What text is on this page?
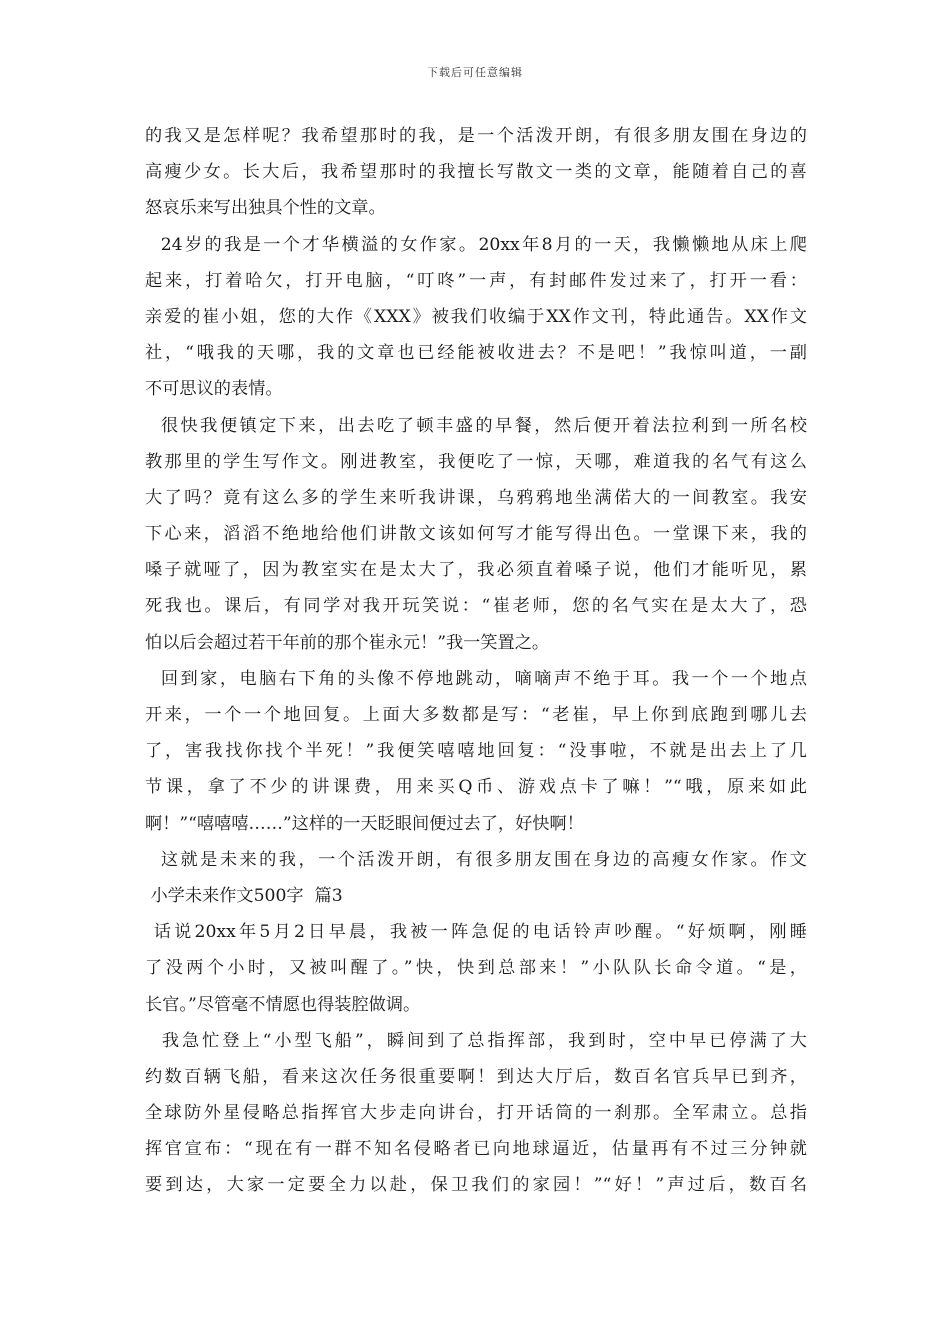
下载后可任意编辑
的我又是怎样呢？我希望那时的我，是一个活泼开朗，有很多朋友围在身边的
高瘦少女。长大后，我希望那时的我擅长写散文一类的文章，能随着自己的喜
怒哀乐来写出独具个性的文章。
24岁的我是一个才华横溢的女作家。20xx年8月的一天，我懒懒地从床上爬
起来，打着哈欠，打开电脑，“叮咚”一声，有封邮件发过来了，打开一看：
亲爱的崔小姐，您的大作《XXX》被我们收编于XX作文刊，特此通告。XX作文
社，“哦我的天哪，我的文章也已经能被收进去？不是吧！”我惊叫道，一副
不可思议的表情。
很快我便镇定下来，出去吃了顿丰盛的早餐，然后便开着法拉利到一所名校
教那里的学生写作文。刚进教室，我便吃了一惊，天哪，难道我的名气有这么
大了吗？竟有这么多的学生来听我讲课，乌鸦鸦地坐满偌大的一间教室。我安
下心来，滔滔不绝地给他们讲散文该如何写才能写得出色。一堂课下来，我的
嗓子就哑了，因为教室实在是太大了，我必须直着嗓子说，他们才能听见，累
死我也。课后，有同学对我开玩笑说：“崔老师，您的名气实在是太大了，恐
怕以后会超过若干年前的那个崔永元！”我一笑置之。
回到家，电脑右下角的头像不停地跳动，嘀嘀声不绝于耳。我一个一个地点
开来，一个一个地回复。上面大多数都是写：“老崔，早上你到底跑到哪儿去
了，害我找你找个半死！”我便笑嘻嘻地回复：“没事啦，不就是出去上了几
节课，拿了不少的讲课费，用来买Q币、游戏点卡了嘛！”“哦，原来如此
啊！”“嘻嘻嘻……”这样的一天眨眼间便过去了，好快啊！
这就是未来的我，一个活泼开朗，有很多朋友围在身边的高瘦女作家。作文
小学未来作文500字  篇3
话说20xx年5月2日早晨，我被一阵急促的电话铃声吵醒。“好烦啊，刚睡
了没两个小时，又被叫醒了。”快，快到总部来！”小队队长命令道。“是，
长官。”尽管毫不情愿也得装腔做调。
我急忙登上“小型飞船”，瞬间到了总指挥部，我到时，空中早已停满了大
约数百辆飞船，看来这次任务很重要啊！到达大厅后，数百名官兵早已到齐，
全球防外星侵略总指挥官大步走向讲台，打开话筒的一刹那。全军肃立。总指
挥官宣布：“现在有一群不知名侵略者已向地球逼近，估量再有不过三分钟就
要到达，大家一定要全力以赴，保卫我们的家园！”“好！”声过后，数百名
